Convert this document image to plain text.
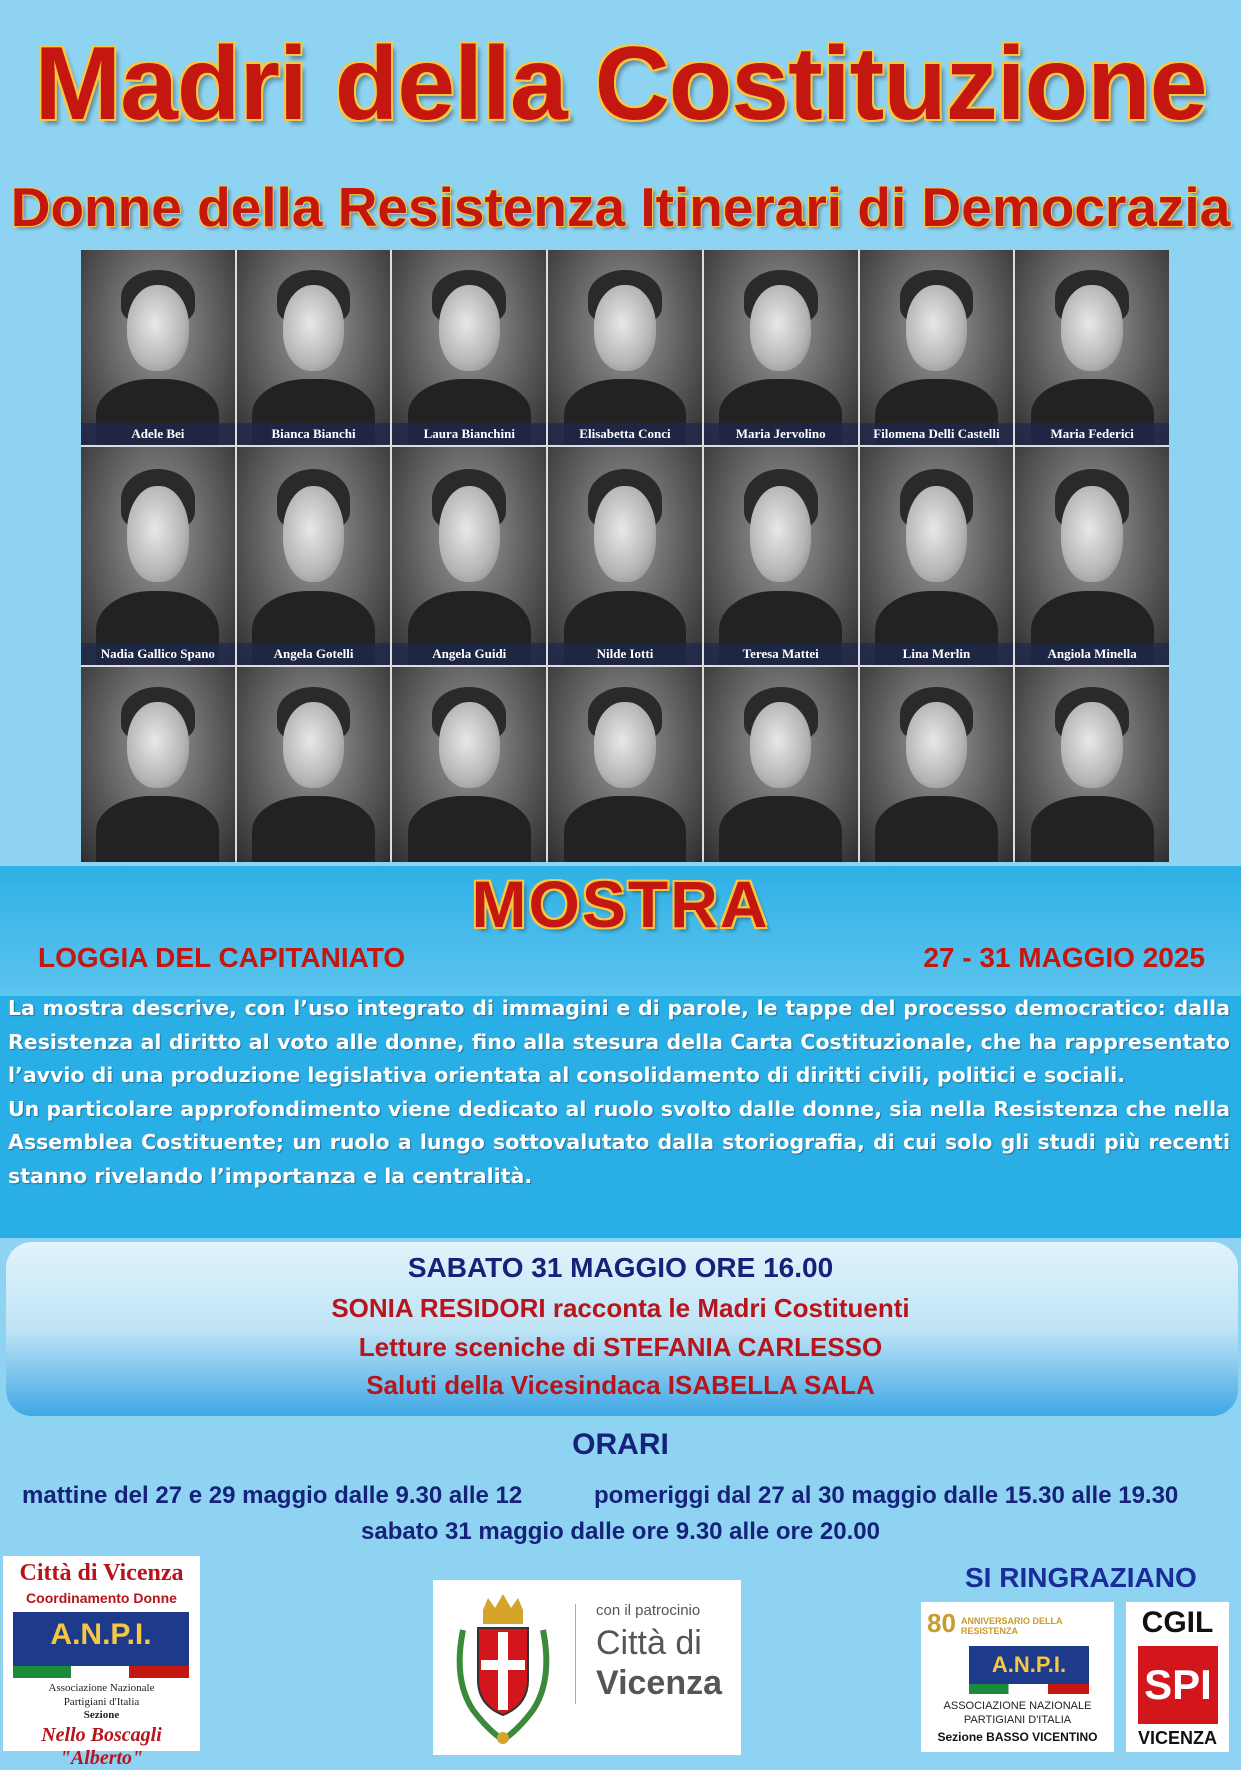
Madri della Costituzione
Donne della Resistenza Itinerari di Democrazia
Adele Bei	Bianca Bianchi	Laura Bianchini	Elisabetta Conci	Maria Jervolino	Filomena Delli Castelli	Maria Federici
Nadia Gallico Spano	Angela Gotelli	Angela Guidi	Nilde Iotti	Teresa Mattei	Lina Merlin	Angiola Minella
MOSTRA
LOGGIA DEL CAPITANIATO	27 - 31 MAGGIO 2025

La mostra descrive, con l’uso integrato di immagini e di parole, le tappe del processo democratico: dalla Resistenza al diritto al voto alle donne, fino alla stesura della Carta Costituzionale, che ha rappresentato l’avvio di una produzione legislativa orientata al consolidamento di diritti civili, politici e sociali.

Un particolare approfondimento viene dedicato al ruolo svolto dalle donne, sia nella Resistenza che nella Assemblea Costituente; un ruolo a lungo sottovalutato dalla storiografia, di cui solo gli studi più recenti stanno rivelando l’importanza e la centralità.

SABATO 31 MAGGIO ORE 16.00
SONIA RESIDORI racconta le Madri Costituenti
Letture sceniche di STEFANIA CARLESSO
Saluti della Vicesindaca ISABELLA SALA
ORARI
mattine del 27 e 29 maggio dalle 9.30 alle 12	pomeriggi dal 27 al 30 maggio dalle 15.30 alle 19.30
sabato 31 maggio dalle ore 9.30 alle ore 20.00
Città di Vicenza
Coordinamento Donne
A.N.P.I.
Associazione Nazionale
Partigiani d'Italia
Sezione
Nello Boscagli "Alberto"
con il patrocinio
Città di
Vicenza
SI RINGRAZIANO
80 ANNIVERSARIO DELLA RESISTENZA
A.N.P.I.
ASSOCIAZIONE NAZIONALE
PARTIGIANI D'ITALIA
Sezione BASSO VICENTINO
CGIL
SPI
VICENZA
